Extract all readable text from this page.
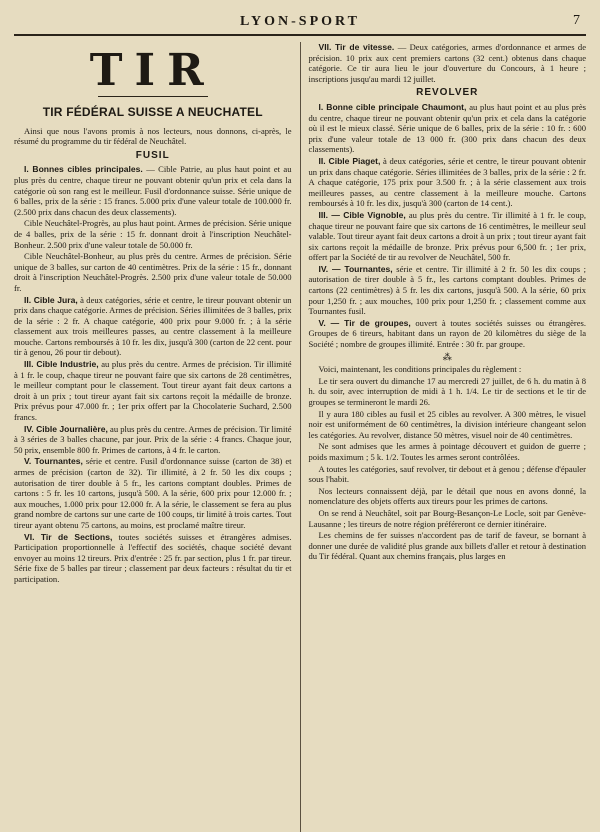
LYON-SPORT	7
TIR
TIR FÉDÉRAL SUISSE A NEUCHATEL

Ainsi que nous l'avons promis à nos lecteurs, nous donnons, ci-après, le résumé du programme du tir fédéral de Neuchâtel.

FUSIL

I. Bonnes cibles principales. — Cible Patrie, au plus haut point et au plus près du centre, chaque tireur ne pouvant obtenir qu'un prix et cela dans la catégorie où son rang est le meilleur. Fusil d'ordonnance suisse. Série unique de 6 balles, prix de la série : 15 francs. 5.000 prix d'une valeur totale de 100.000 fr. (2.500 prix dans chacun des deux classements).

Cible Neuchâtel-Progrès, au plus haut point. Armes de précision. Série unique de 4 balles, prix de la série : 15 fr. donnant droit à l'inscription Neuchâtel-Bonheur. 2.500 prix d'une valeur totale de 50.000 fr.

Cible Neuchâtel-Bonheur, au plus près du centre. Armes de précision. Série unique de 3 balles, sur carton de 40 centimètres. Prix de la série : 15 fr., donnant droit à l'inscription Neuchâtel-Progrès. 2.500 prix d'une valeur totale de 50.000 fr.

II. Cible Jura, à deux catégories, série et centre, le tireur pouvant obtenir un prix dans chaque catégorie. Armes de précision. Séries illimitées de 3 balles, prix de la série : 2 fr. A chaque catégorie, 400 prix pour 9.000 fr. ; à la série classement aux trois meilleures passes, au centre classement à la meilleure mouche. Cartons remboursés à 10 fr. les dix, jusqu'à 300 (carton de 22 cent. pour tir à genou, 26 pour tir debout).

III. Cible Industrie, au plus près du centre. Armes de précision. Tir illimité à 1 fr. le coup, chaque tireur ne pouvant faire que six cartons de 28 centimètres, le meilleur comptant pour le classement. Tout tireur ayant fait deux cartons a droit à un prix ; tout tireur ayant fait six cartons reçoit la médaille de bronze. Prix prévus pour 47.000 fr. ; 1er prix offert par la Chocolaterie Suchard, 2.500 francs.

IV. Cible Journalière, au plus près du centre. Armes de précision. Tir limité à 3 séries de 3 balles chacune, par jour. Prix de la série : 4 francs. Chaque jour, 50 prix, ensemble 800 fr. Primes de cartons, à 4 fr. le carton.

V. Tournantes, série et centre. Fusil d'ordonnance suisse (carton de 38) et armes de précision (carton de 32). Tir illimité, à 2 fr. 50 les dix coups ; autorisation de tirer double à 5 fr., les cartons comptant doubles. Primes de cartons : 5 fr. les 10 cartons, jusqu'à 500. A la série, 600 prix pour 12.000 fr. ; aux mouches, 1.000 prix pour 12.000 fr. A la série, le classement se fera au plus grand nombre de cartons sur une carte de 100 coups, tir limité à trois cartes. Tout tireur ayant obtenu 75 cartons, au moins, est proclamé maître tireur.

VI. Tir de Sections, toutes sociétés suisses et étrangères admises. Participation proportionnelle à l'effectif des sociétés, chaque société devant envoyer au moins 12 tireurs. Prix d'entrée : 25 fr. par section, plus 1 fr. par tireur. Série fixe de 5 balles par tireur ; classement par deux facteurs : résultat du tir et participation.

VII. Tir de vitesse. — Deux catégories, armes d'ordonnance et armes de précision. 10 prix aux cent premiers cartons (32 cent.) obtenus dans chaque catégorie. Ce tir aura lieu le jour d'ouverture du Concours, à 1 heure ; inscriptions jusqu'au mardi 12 juillet.

REVOLVER

I. Bonne cible principale Chaumont, au plus haut point et au plus près du centre, chaque tireur ne pouvant obtenir qu'un prix et cela dans la catégorie où il est le mieux classé. Série unique de 6 balles, prix de la série : 10 fr. : 600 prix d'une valeur totale de 13 000 fr. (300 prix dans chacun des deux classements).

II. Cible Piaget, à deux catégories, série et centre, le tireur pouvant obtenir un prix dans chaque catégorie. Séries illimitées de 3 balles, prix de la série : 2 fr. A chaque catégorie, 175 prix pour 3.500 fr. ; à la série classement aux trois meilleures passes, au centre classement à la meilleure mouche. Cartons remboursés à 10 fr. les dix, jusqu'à 300 (carton de 14 cent.).

III. — Cible Vignoble, au plus près du centre. Tir illimité à 1 fr. le coup, chaque tireur ne pouvant faire que six cartons de 16 centimètres, le meilleur seul valable. Tout tireur ayant fait deux cartons a droit à un prix ; tout tireur ayant fait six cartons reçoit la médaille de bronze. Prix prévus pour 6,500 fr. ; 1er prix, offert par la Société de tir au revolver de Neuchâtel, 500 fr.

IV. — Tournantes, série et centre. Tir illimité à 2 fr. 50 les dix coups ; autorisation de tirer double à 5 fr., les cartons comptant doubles. Primes de cartons (22 centimètres) à 5 fr. les dix cartons, jusqu'à 500. A la série, 60 prix pour 1,250 fr. ; aux mouches, 100 prix pour 1,250 fr. ; classement comme aux Tournantes fusil.

V. — Tir de groupes, ouvert à toutes sociétés suisses ou étrangères. Groupes de 6 tireurs, habitant dans un rayon de 20 kilomètres du siège de la Société ; nombre de groupes illimité. Entrée : 30 fr. par groupe.

⁂

Voici, maintenant, les conditions principales du règlement :

Le tir sera ouvert du dimanche 17 au mercredi 27 juillet, de 6 h. du matin à 8 h. du soir, avec interruption de midi à 1 h. 1/4. Le tir de sections et le tir de groupes se termineront le mardi 26.

Il y aura 180 cibles au fusil et 25 cibles au revolver. A 300 mètres, le visuel noir est uniformément de 60 centimètres, la division intérieure changeant selon les catégories. Au revolver, distance 50 mètres, visuel noir de 40 centimètres.

Ne sont admises que les armes à pointage découvert et guidon de guerre ; poids maximum ; 5 k. 1/2. Toutes les armes seront contrôlées.

A toutes les catégories, sauf revolver, tir debout et à genou ; défense d'épauler sous l'habit.

Nos lecteurs connaissent déjà, par le détail que nous en avons donné, la nomenclature des objets offerts aux tireurs pour les primes de cartons.

On se rend à Neuchâtel, soit par Bourg-Besançon-Le Locle, soit par Genève-Lausanne ; les tireurs de notre région préféreront ce dernier itinéraire.

Les chemins de fer suisses n'accordent pas de tarif de faveur, se bornant à donner une durée de validité plus grande aux billets d'aller et retour à destination du Tir fédéral. Quant aux chemins français, plus larges en
